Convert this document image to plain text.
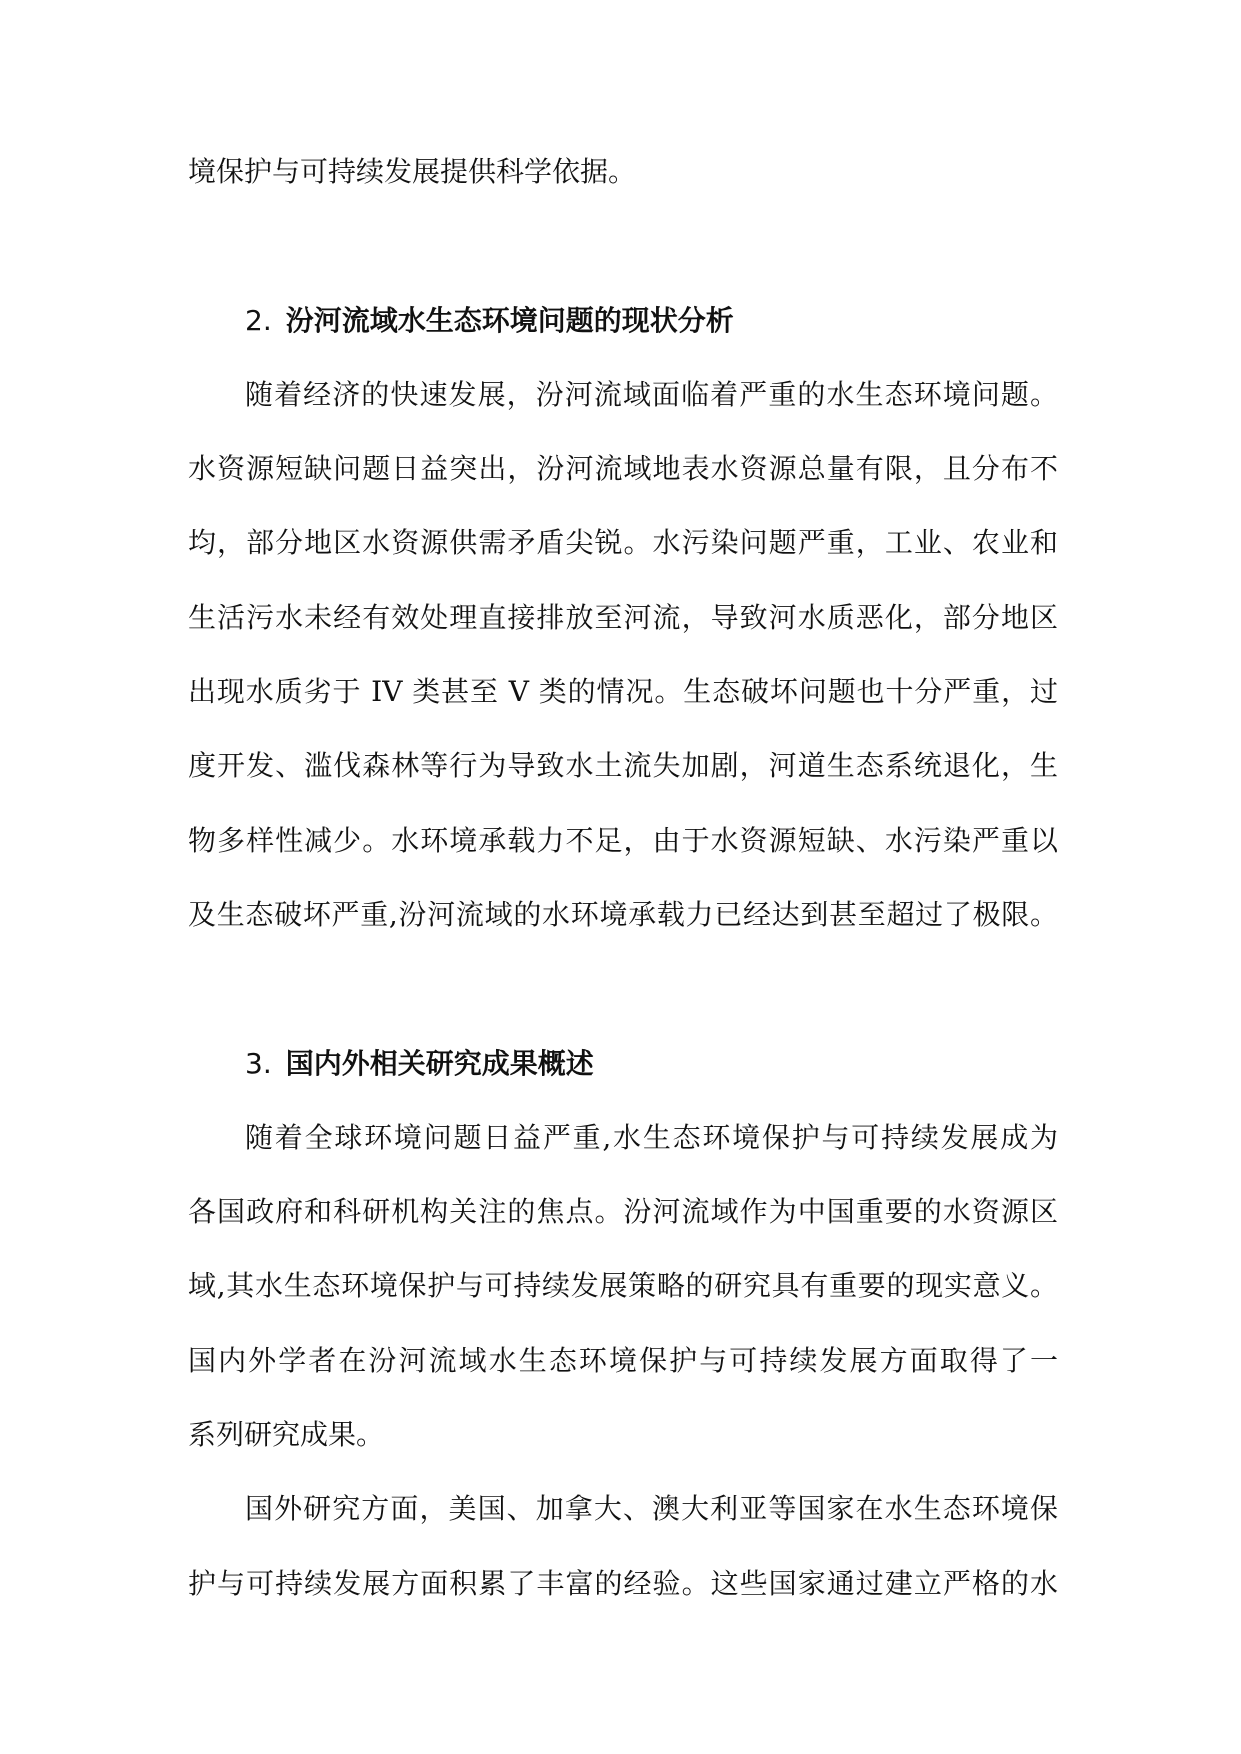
境保护与可持续发展提供科学依据。
2. 汾河流域水生态环境问题的现状分析
随着经济的快速发展，汾河流域面临着严重的水生态环境问题。
水资源短缺问题日益突出，汾河流域地表水资源总量有限，且分布不
均，部分地区水资源供需矛盾尖锐。水污染问题严重，工业、农业和
生活污水未经有效处理直接排放至河流，导致河水质恶化，部分地区
出现水质劣于 IV 类甚至 V 类的情况。生态破坏问题也十分严重，过
度开发、滥伐森林等行为导致水土流失加剧，河道生态系统退化，生
物多样性减少。水环境承载力不足，由于水资源短缺、水污染严重以
及生态破坏严重,汾河流域的水环境承载力已经达到甚至超过了极限。
3. 国内外相关研究成果概述
随着全球环境问题日益严重,水生态环境保护与可持续发展成为
各国政府和科研机构关注的焦点。汾河流域作为中国重要的水资源区
域,其水生态环境保护与可持续发展策略的研究具有重要的现实意义。
国内外学者在汾河流域水生态环境保护与可持续发展方面取得了一
系列研究成果。
国外研究方面，美国、加拿大、澳大利亚等国家在水生态环境保
护与可持续发展方面积累了丰富的经验。这些国家通过建立严格的水
